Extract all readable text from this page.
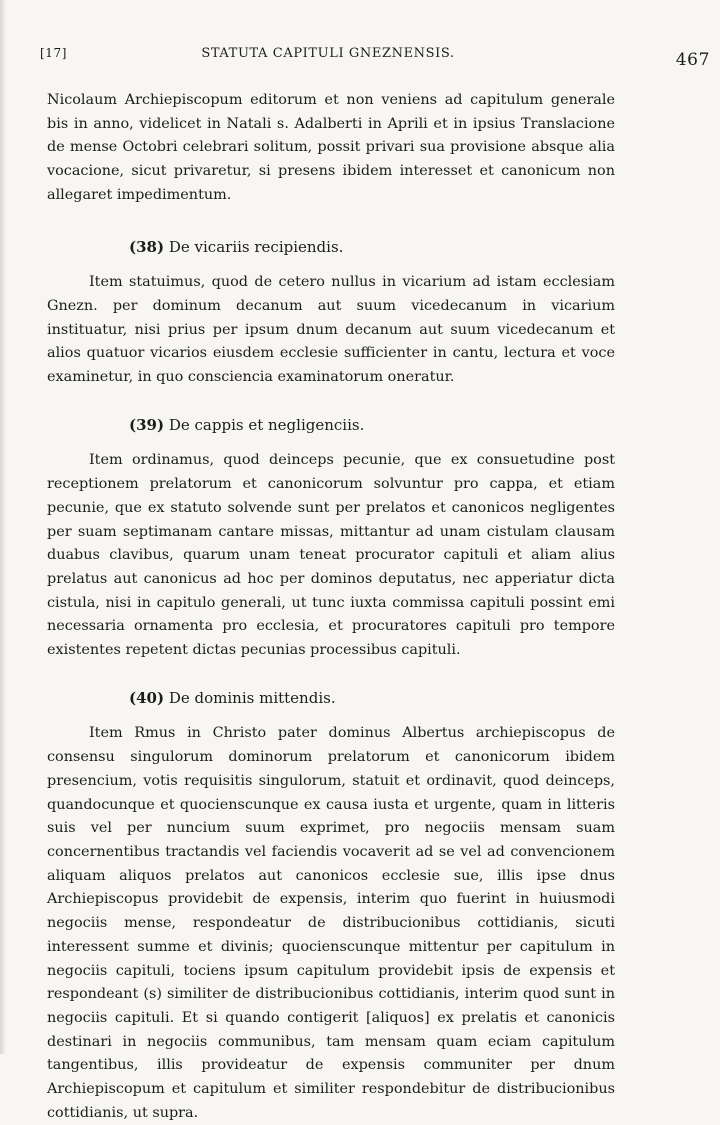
[17]	STATUTA CAPITULI GNEZNENSIS.	467

Nicolaum Archiepiscopum editorum et non veniens ad capitulum generale bis in anno, videlicet in Natali s. Adalberti in Aprili et in ipsius Translacione de mense Octobri celebrari solitum, possit privari sua provisione absque alia vocacione, sicut privaretur, si presens ibidem interesset et canonicum non allegaret impedimentum.

(38) De vicariis recipiendis.

Item statuimus, quod de cetero nullus in vicarium ad istam ecclesiam Gnezn. per dominum decanum aut suum vicedecanum in vicarium instituatur, nisi prius per ipsum dnum decanum aut suum vicedecanum et alios quatuor vicarios eiusdem ecclesie sufficienter in cantu, lectura et voce examinetur, in quo consciencia examinatorum oneratur.

(39) De cappis et negligenciis.

Item ordinamus, quod deinceps pecunie, que ex consuetudine post receptionem prelatorum et canonicorum solvuntur pro cappa, et etiam pecunie, que ex statuto solvende sunt per prelatos et canonicos negligentes per suam septimanam cantare missas, mittantur ad unam cistulam clausam duabus clavibus, quarum unam teneat procurator capituli et aliam alius prelatus aut canonicus ad hoc per dominos deputatus, nec apperiatur dicta cistula, nisi in capitulo generali, ut tunc iuxta commissa capituli possint emi necessaria ornamenta pro ecclesia, et procuratores capituli pro tempore existentes repetent dictas pecunias processibus capituli.

(40) De dominis mittendis.

Item Rmus in Christo pater dominus Albertus archiepiscopus de consensu singulorum dominorum prelatorum et canonicorum ibidem presencium, votis requisitis singulorum, statuit et ordinavit, quod deinceps, quandocunque et quocienscunque ex causa iusta et urgente, quam in litteris suis vel per nuncium suum exprimet, pro negociis mensam suam concernentibus tractandis vel faciendis vocaverit ad se vel ad convencionem aliquam aliquos prelatos aut canonicos ecclesie sue, illis ipse dnus Archiepiscopus providebit de expensis, interim quo fuerint in huiusmodi negociis mense, respondeatur de distribucionibus cottidianis, sicuti interessent summe et divinis; quocienscunque mittentur per capitulum in negociis capituli, tociens ipsum capitulum providebit ipsis de expensis et respondeant (s) similiter de distribucionibus cottidianis, interim quod sunt in negociis capituli. Et si quando contigerit [aliquos] ex prelatis et canonicis destinari in negociis communibus, tam mensam quam eciam capitulum tangentibus, illis provideatur de expensis communiter per dnum Archiepiscopum et capitulum et similiter respondebitur de distribucionibus cottidianis, ut supra.
